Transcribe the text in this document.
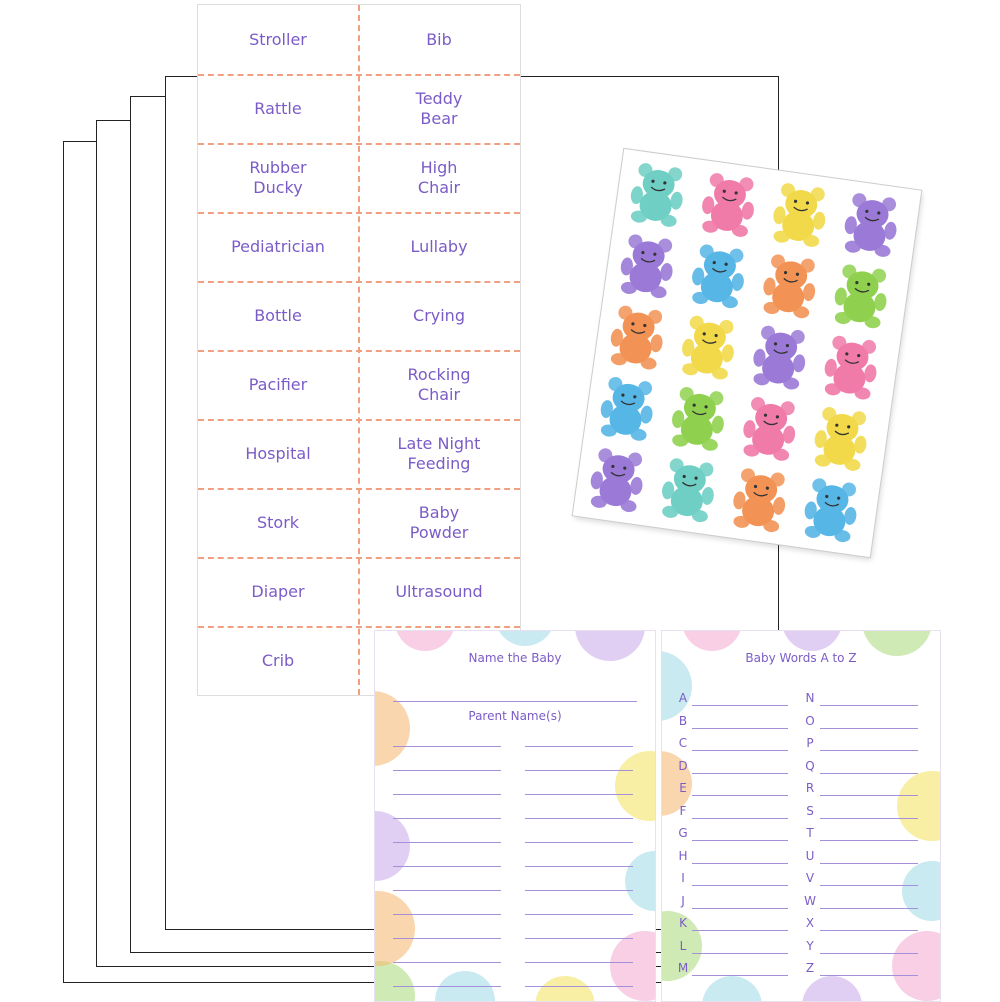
Stroller
Rattle
Rubber
Ducky
Pediatrician
Bottle
Pacifier
Hospital
Stork
Diaper
Crib
Bib
Teddy
Bear
High
Chair
Lullaby
Crying
Rocking
Chair
Late Night
Feeding
Baby
Powder
Ultrasound
Name the Baby
Parent Name(s)
Baby Words A to Z
A
B
C
D
E
F
G
H
I
J
K
L
M
N
O
P
Q
R
S
T
U
V
W
X
Y
Z
